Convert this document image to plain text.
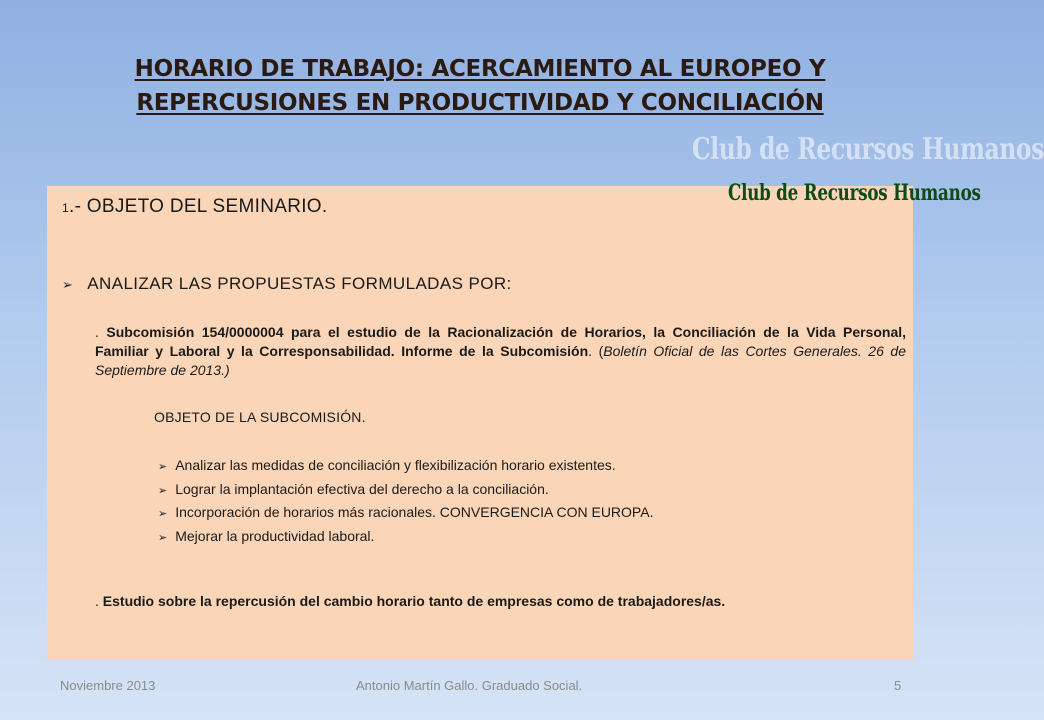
HORARIO DE TRABAJO: ACERCAMIENTO AL EUROPEO Y
REPERCUSIONES EN PRODUCTIVIDAD Y CONCILIACIÓN
Club de Recursos Humanos
Club de Recursos Humanos
1.- OBJETO DEL SEMINARIO.
➢ ANALIZAR LAS PROPUESTAS FORMULADAS POR:
. Subcomisión 154/0000004 para el estudio de la Racionalización de Horarios, la Conciliación de la Vida Personal, Familiar y Laboral y la Corresponsabilidad. Informe de la Subcomisión. (Boletín Oficial de las Cortes Generales. 26 de Septiembre de 2013.)
OBJETO DE LA SUBCOMISIÓN.
➢ Analizar las medidas de conciliación y flexibilización horario existentes.
➢ Lograr la implantación efectiva del derecho a la conciliación.
➢ Incorporación de horarios más racionales. CONVERGENCIA CON EUROPA.
➢ Mejorar la productividad laboral.
. Estudio sobre la repercusión del cambio horario tanto de empresas como de trabajadores/as.
Noviembre 2013	Antonio Martín Gallo. Graduado Social.	5
